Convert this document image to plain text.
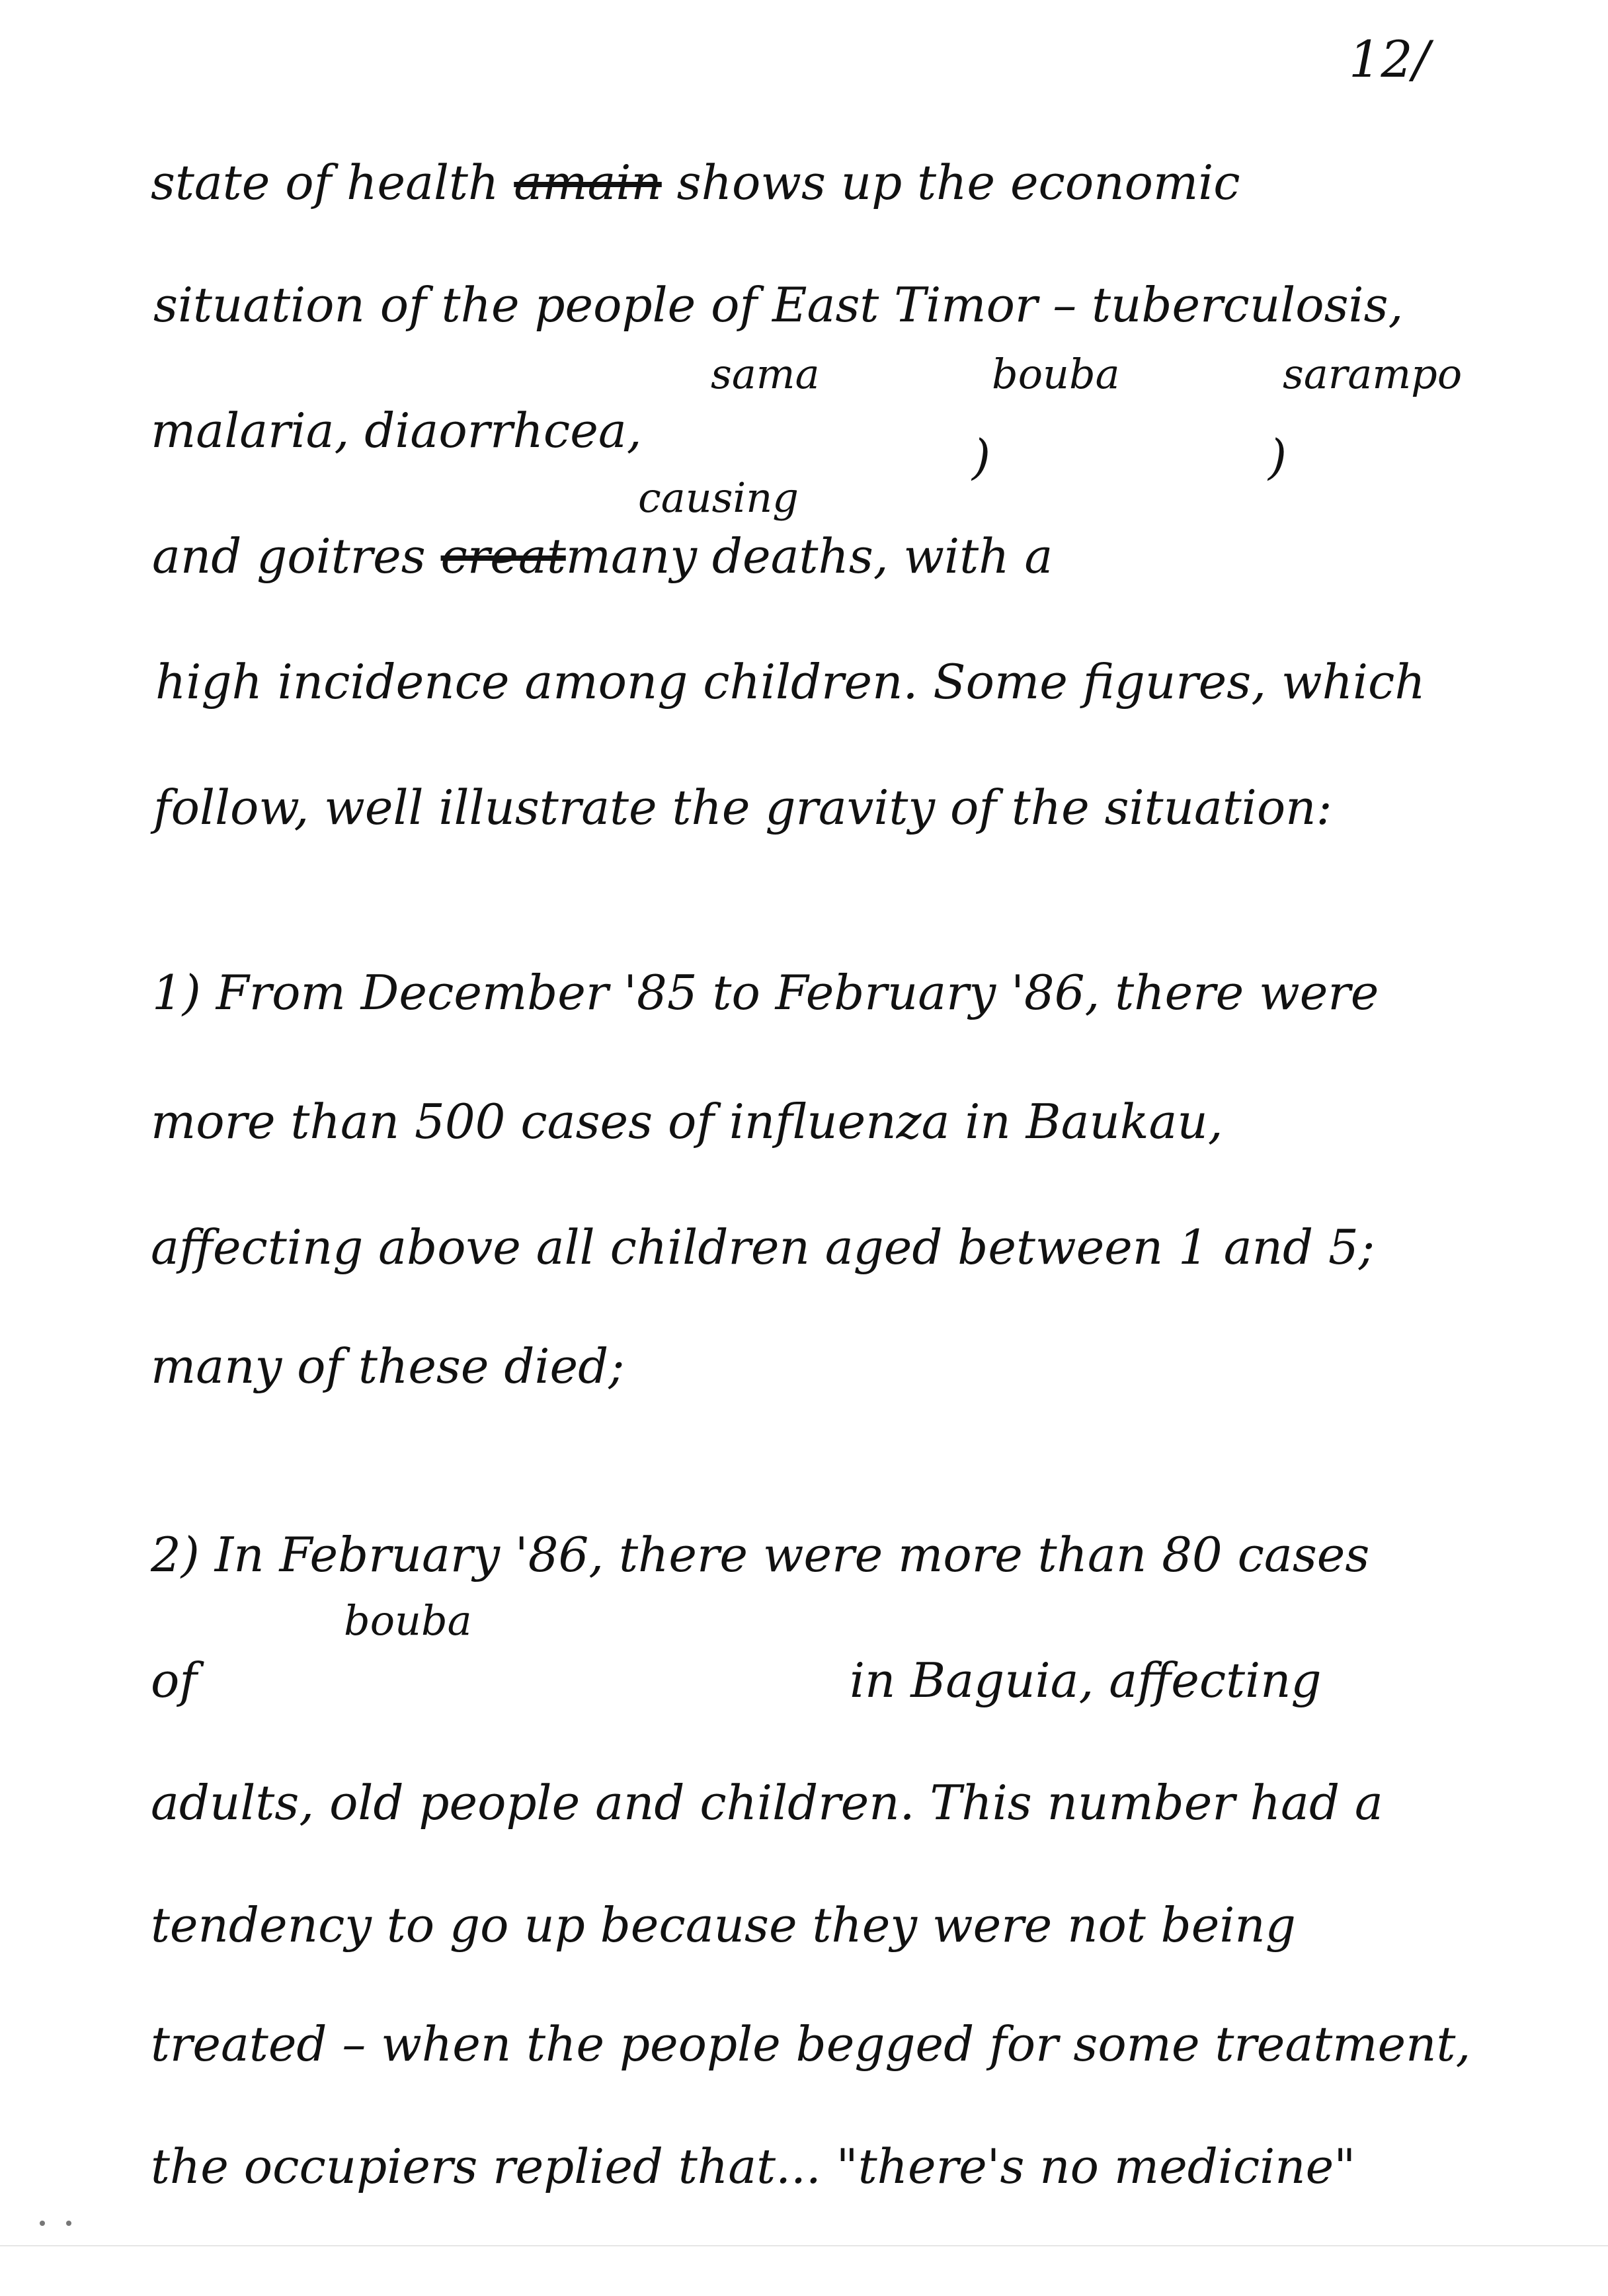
12/
state of health amain shows up the economic
situation of the people of East Timor – tuberculosis,
sama	bouba	sarampo
malaria, diaorrhcea,	)	)
causing
and goitres creatmany deaths, with a
high incidence among children. Some figures, which
follow, well illustrate the gravity of the situation:
1) From December '85 to February '86, there were
more than 500 cases of influenza in Baukau,
affecting above all children aged between 1 and 5;
many of these died;
2) In February '86, there were more than 80 cases
bouba
of	in Baguia, affecting
adults, old people and children. This number had a
tendency to go up because they were not being
treated – when the people begged for some treatment,
the occupiers replied that... "there's no medicine"
